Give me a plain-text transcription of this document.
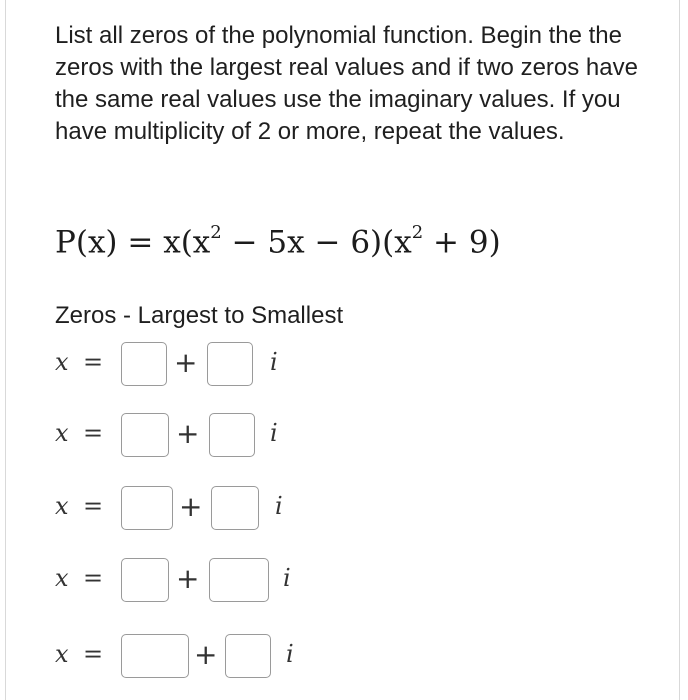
List all zeros of the polynomial function. Begin the the zeros with the largest real values and if two zeros have the same real values use the imaginary values. If you have multiplicity of 2 or more, repeat the values.

$P(x) = x(x^2 - 5x - 6)(x^2 + 9)$

Zeros - Largest to Smallest

x =	+	i
x =	+	i
x =	+	i
x =	+	i
x =	+	i
